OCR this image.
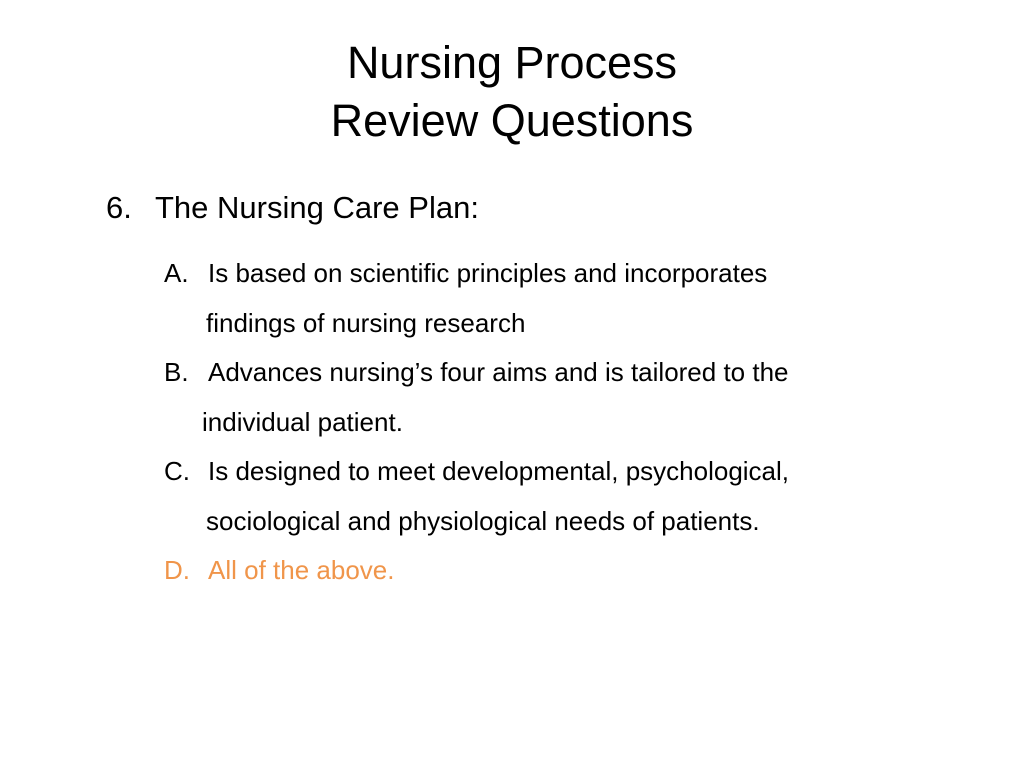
Nursing Process
Review Questions

6. The Nursing Care Plan:

A. Is based on scientific principles and incorporates
findings of nursing research
B. Advances nursing’s four aims and is tailored to the
individual patient.
C. Is designed to meet developmental, psychological,
sociological and physiological needs of patients.
D. All of the above.
